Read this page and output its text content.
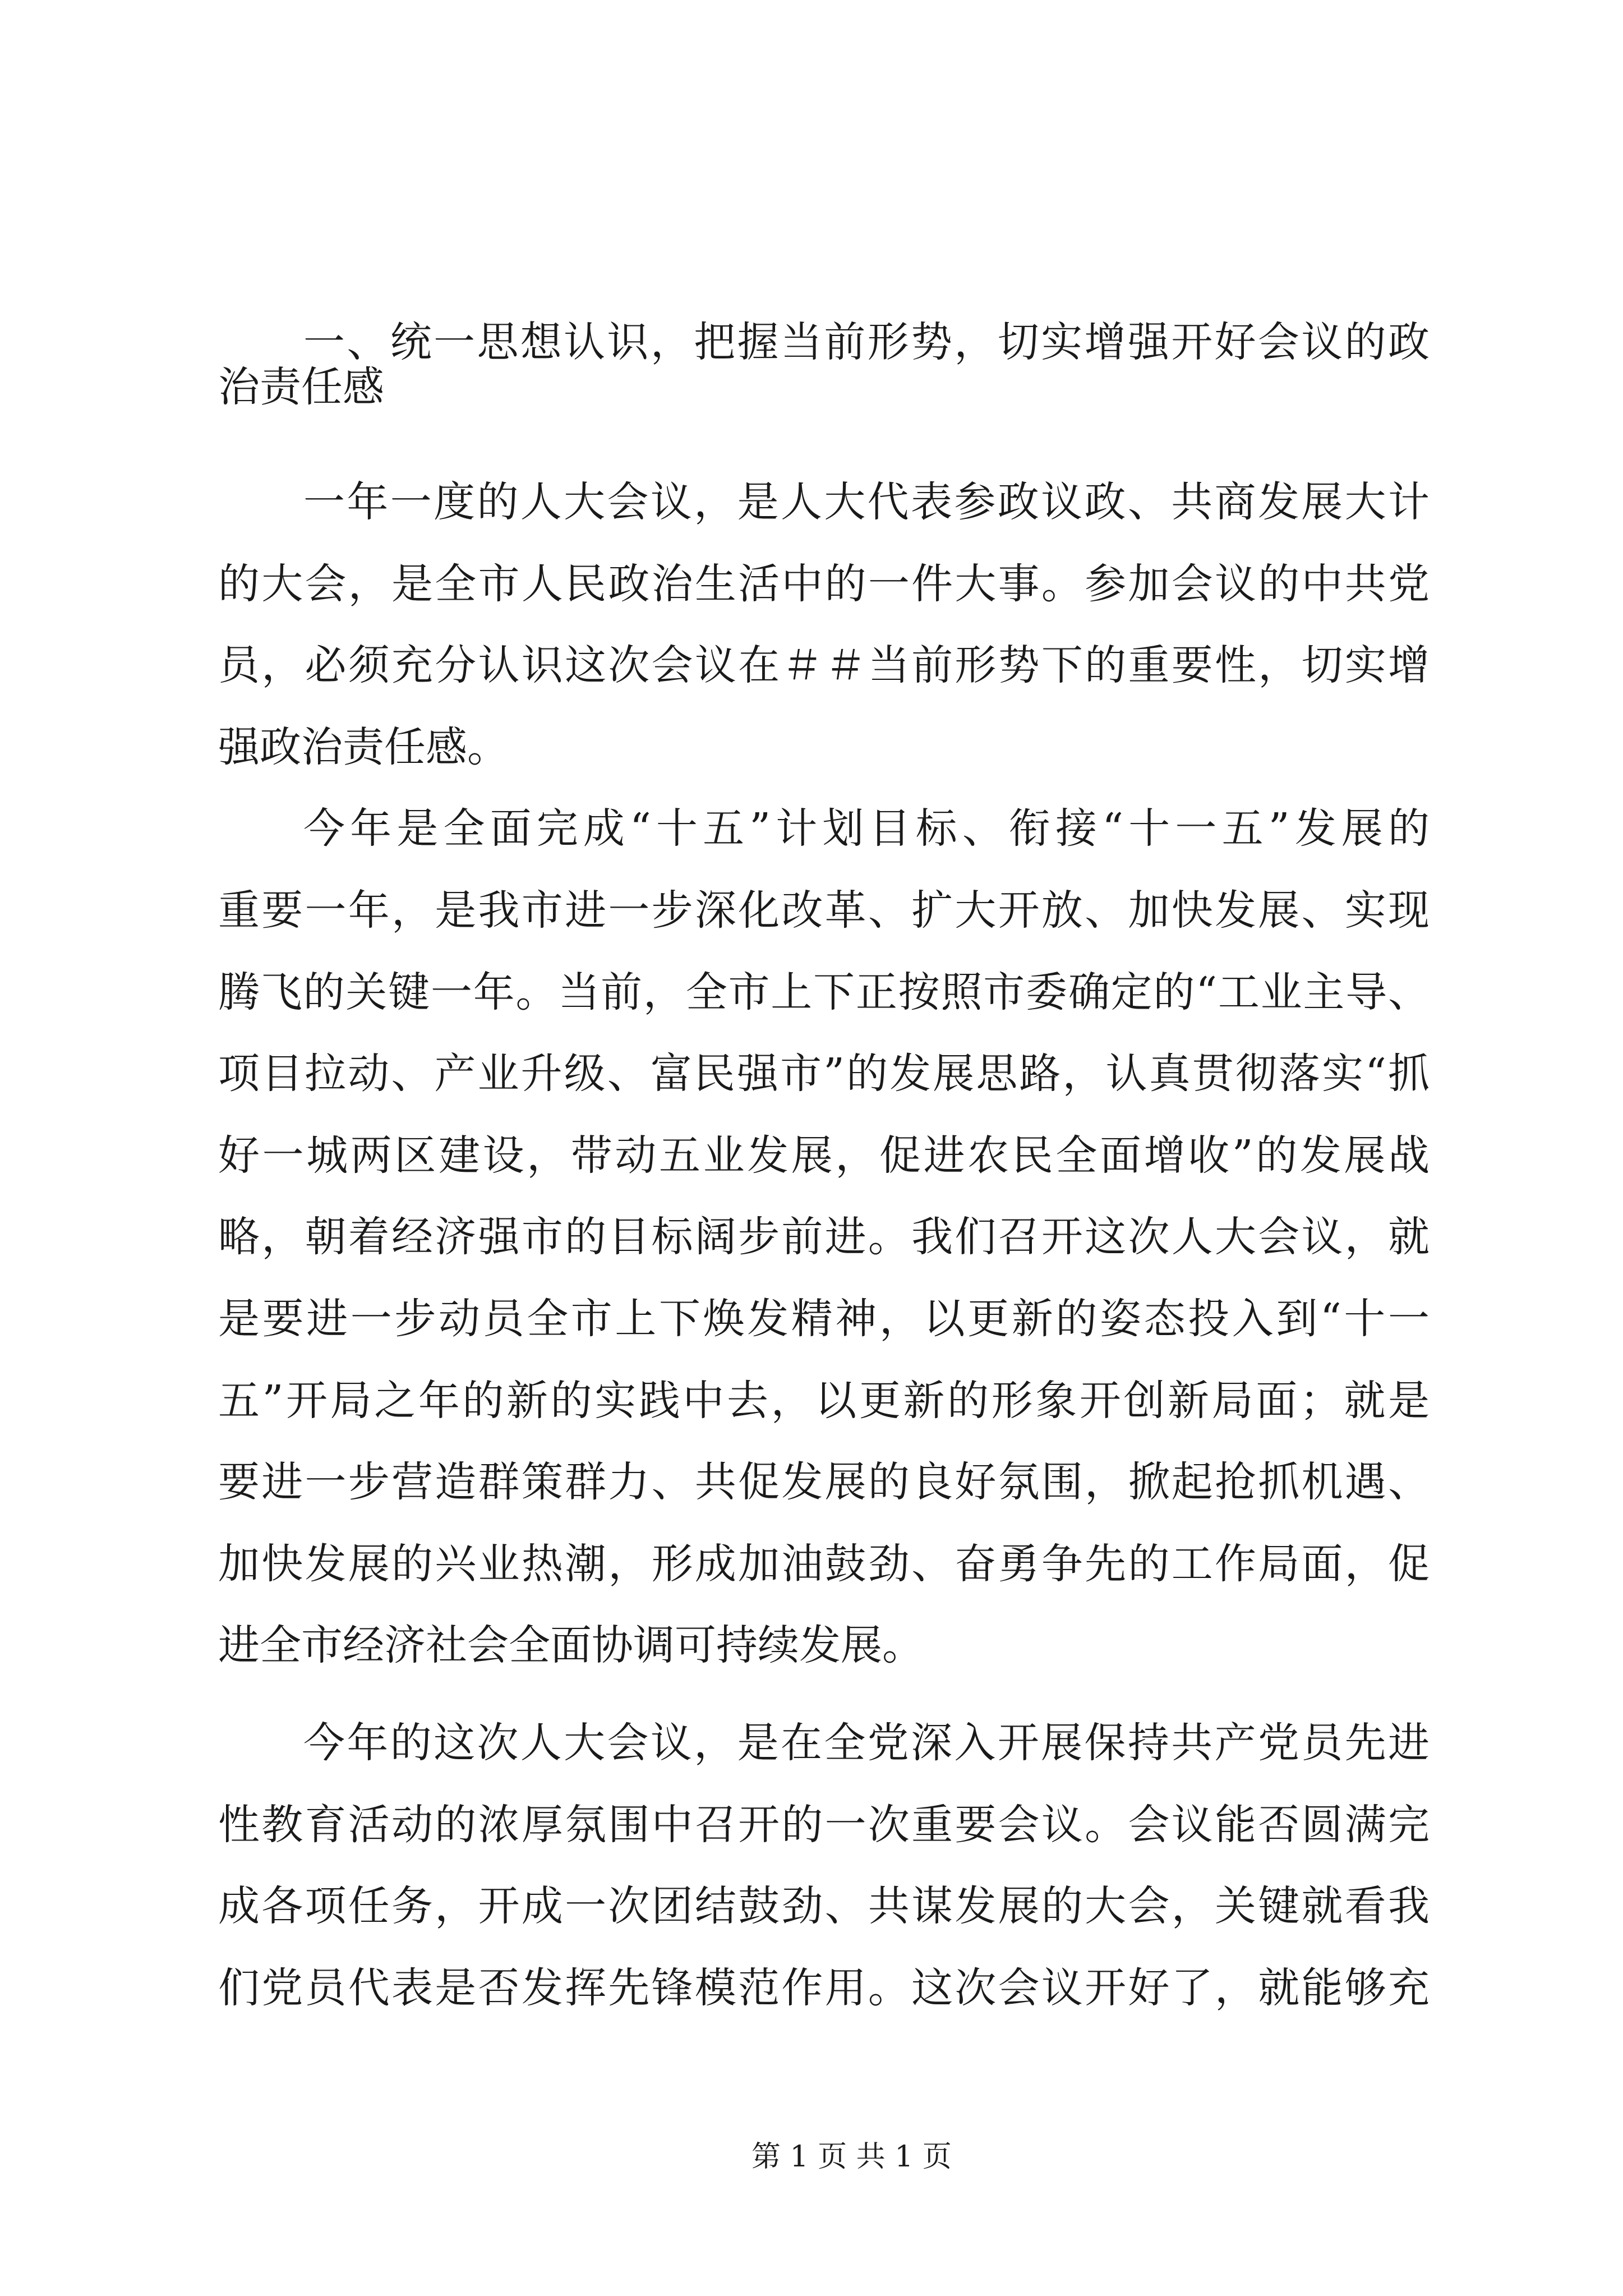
一、统一思想认识，把握当前形势，切实增强开好会议的政
治责任感
一年一度的人大会议，是人大代表参政议政、共商发展大计
的大会，是全市人民政治生活中的一件大事。参加会议的中共党
员，必须充分认识这次会议在＃＃当前形势下的重要性，切实增
强政治责任感。
今年是全面完成“十五”计划目标、衔接“十一五”发展的
重要一年，是我市进一步深化改革、扩大开放、加快发展、实现
腾飞的关键一年。当前，全市上下正按照市委确定的“工业主导、
项目拉动、产业升级、富民强市”的发展思路，认真贯彻落实“抓
好一城两区建设，带动五业发展，促进农民全面增收”的发展战
略，朝着经济强市的目标阔步前进。我们召开这次人大会议，就
是要进一步动员全市上下焕发精神，以更新的姿态投入到“十一
五”开局之年的新的实践中去，以更新的形象开创新局面；就是
要进一步营造群策群力、共促发展的良好氛围，掀起抢抓机遇、
加快发展的兴业热潮，形成加油鼓劲、奋勇争先的工作局面，促
进全市经济社会全面协调可持续发展。
今年的这次人大会议，是在全党深入开展保持共产党员先进
性教育活动的浓厚氛围中召开的一次重要会议。会议能否圆满完
成各项任务，开成一次团结鼓劲、共谋发展的大会，关键就看我
们党员代表是否发挥先锋模范作用。这次会议开好了，就能够充
第 1 页 共 1 页
